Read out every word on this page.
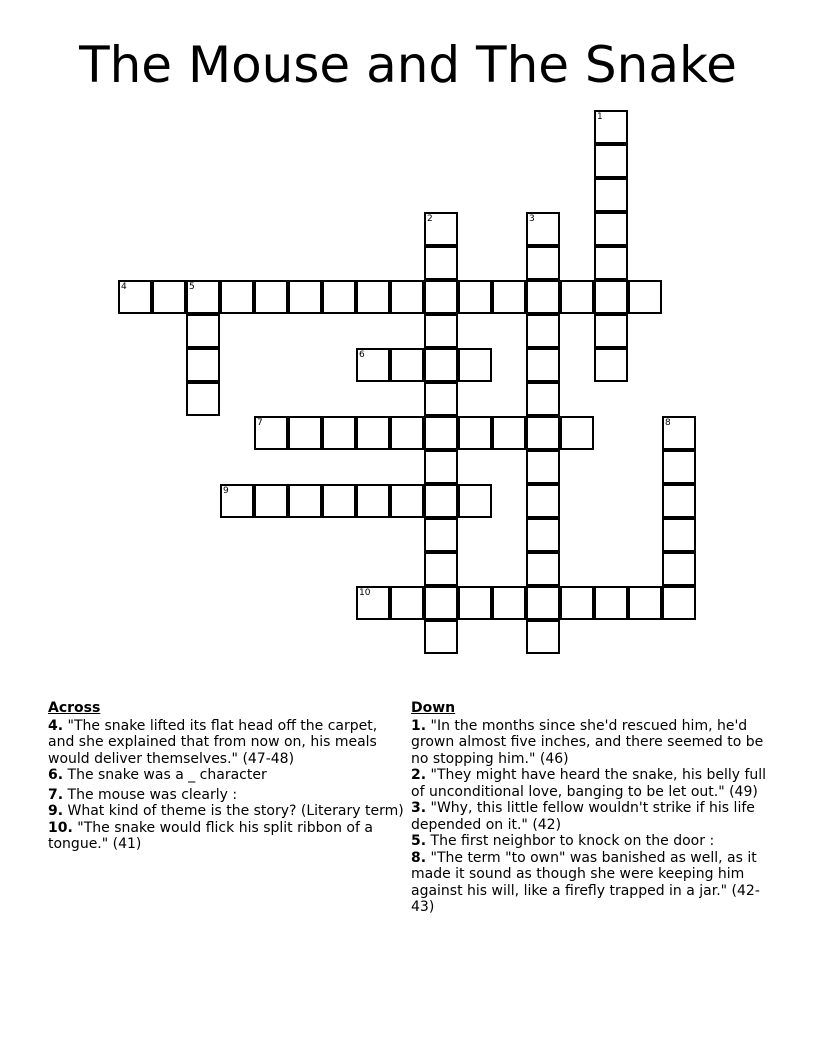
The Mouse and The Snake
1
2	3
4	5
6
7	8
9
10
Across
4. "The snake lifted its flat head off the carpet, and she explained that from now on, his meals would deliver themselves." (47-48)
6. The snake was a _ character
7. The mouse was clearly :
9. What kind of theme is the story? (Literary term)
10. "The snake would flick his split ribbon of a tongue." (41)
Down
1. "In the months since she'd rescued him, he'd grown almost five inches, and there seemed to be no stopping him." (46)
2. "They might have heard the snake, his belly full of unconditional love, banging to be let out." (49)
3. "Why, this little fellow wouldn't strike if his life depended on it." (42)
5. The first neighbor to knock on the door :
8. "The term "to own" was banished as well, as it made it sound as though she were keeping him against his will, like a firefly trapped in a jar." (42-43)
